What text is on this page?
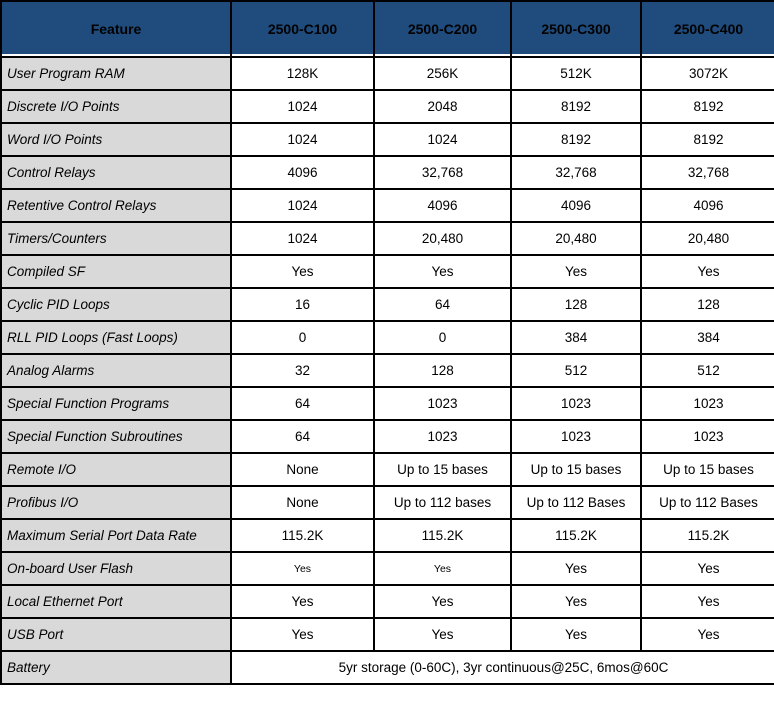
Feature	2500-C100	2500-C200	2500-C300	2500-C400
User Program RAM	128K	256K	512K	3072K
Discrete I/O Points	1024	2048	8192	8192
Word I/O Points	1024	1024	8192	8192
Control Relays	4096	32,768	32,768	32,768
Retentive Control Relays	1024	4096	4096	4096
Timers/Counters	1024	20,480	20,480	20,480
Compiled SF	Yes	Yes	Yes	Yes
Cyclic PID Loops	16	64	128	128
RLL PID Loops (Fast Loops)	0	0	384	384
Analog Alarms	32	128	512	512
Special Function Programs	64	1023	1023	1023
Special Function Subroutines	64	1023	1023	1023
Remote I/O	None	Up to 15 bases	Up to 15 bases	Up to 15 bases
Profibus I/O	None	Up to 112 bases	Up to 112 Bases	Up to 112 Bases
Maximum Serial Port Data Rate	115.2K	115.2K	115.2K	115.2K
On-board User Flash	Yes	Yes	Yes	Yes
Local Ethernet Port	Yes	Yes	Yes	Yes
USB Port	Yes	Yes	Yes	Yes
Battery	5yr storage (0-60C), 3yr continuous@25C, 6mos@60C			
